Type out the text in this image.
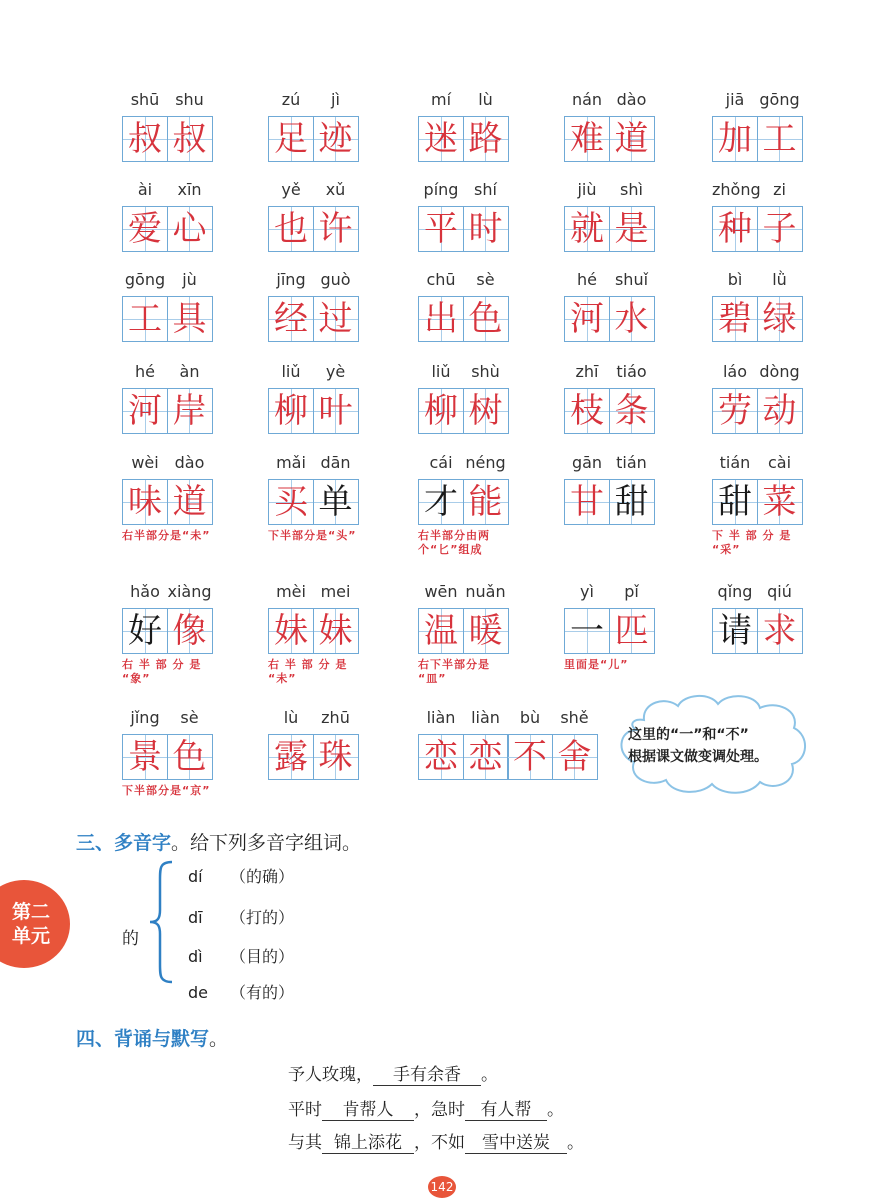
shū shu
叔 叔
zú	jì
足 迹
mí	lù
迷 路
nán dào
难 道
jiā gōng
加 工
ài	xīn
爱 心
yě	xǔ
也 许
píng shí
平 时
jiù	shì
就 是
zhǒng zi
种 子
gōng	jù
工 具
jīng guò
经 过
chū	sè
出 色
hé	shuǐ
河 水
bì	lǜ
碧 绿
hé	àn
河 岸
liǔ	yè
柳 叶
liǔ	shù
柳 树
zhī	tiáo
枝 条
láo dòng
劳 动
wèi dào
味 道
右半部分是“未”
mǎi dān
买 单
下半部分是“头”
cái néng
才 能
右半部分由两
个“匕”组成
gān tián
甘 甜
tián	cài
甜 菜
下 半 部 分 是
“采”
hǎo xiàng
好 像
右 半 部 分 是
“象”
mèi mei
妹 妹
右 半 部 分 是
“未”
wēn nuǎn
温 暖
右下半部分是
“皿”
yì	pǐ
一 匹
里面是“儿”
qǐng qiú
请 求
jǐng	sè
景 色
下半部分是“京”
lù	zhū
露 珠
liàn liàn	bù	shě
恋 恋 不 舍
这里的“一”和“不”
根据课文做变调处理。
三、多音字。给下列多音字组词。
第二
单元	的
dí （的确）
dī （打的）
dì （目的）
de （有的）
四、背诵与默写。
予人玫瑰， 手有余香 。
平时 肯帮人 ，急时 有人帮 。
与其 锦上添花 ，不如 雪中送炭 。
142
